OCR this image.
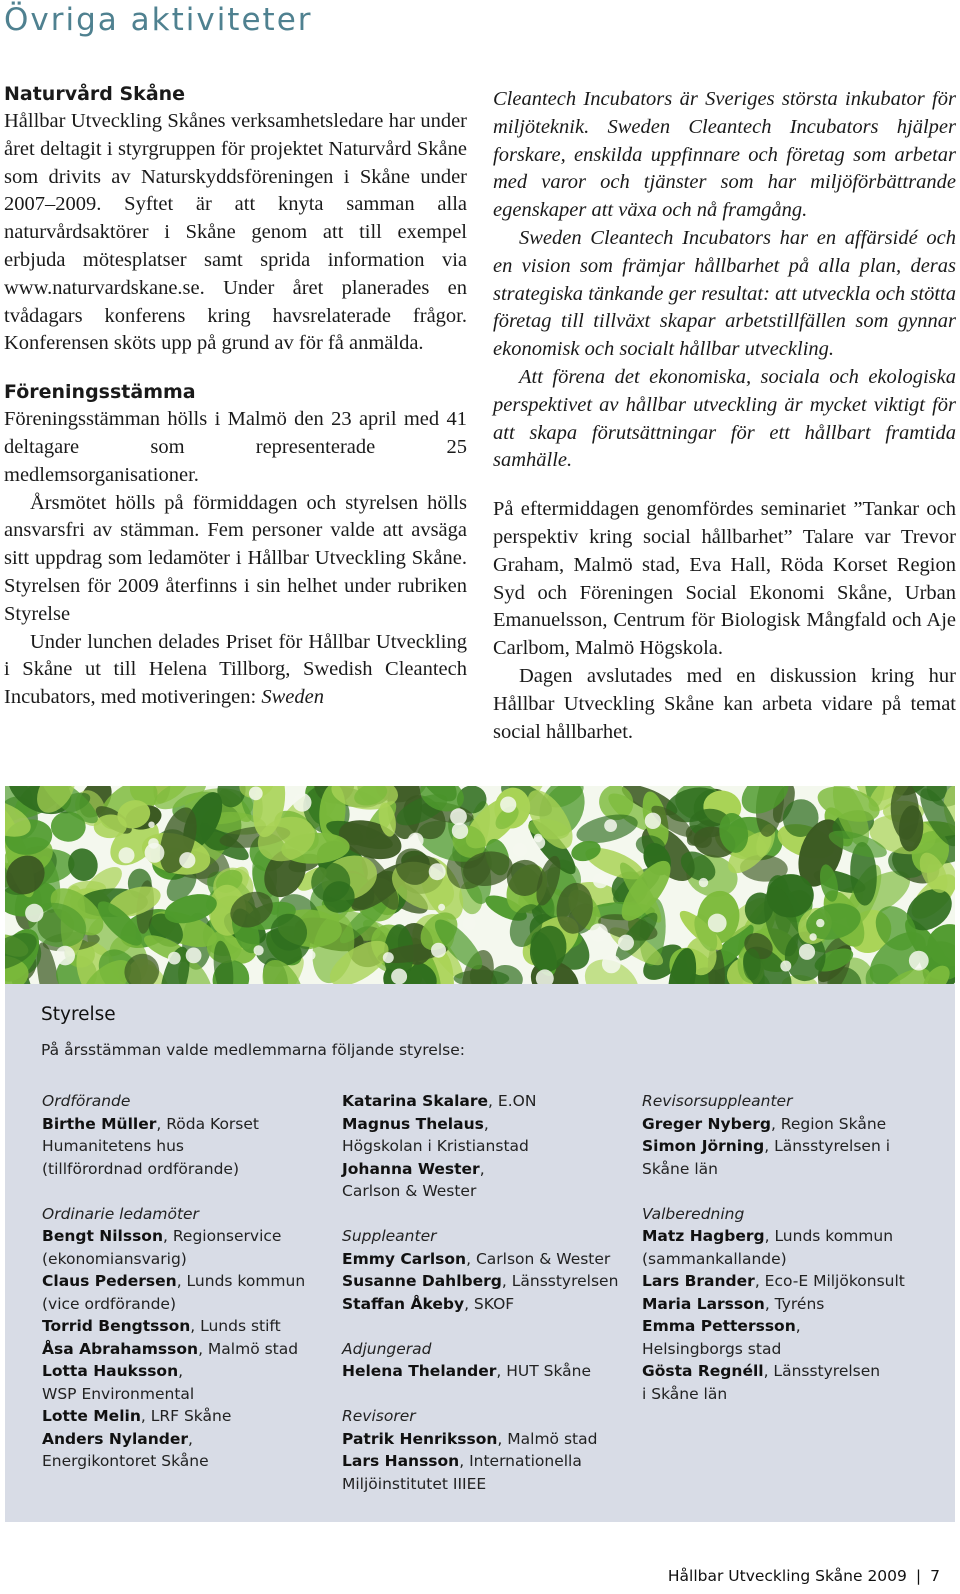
Övriga aktiviteter
Naturvård Skåne

Hållbar Utveckling Skånes verksamhetsledare har under året deltagit i styrgruppen för projektet Naturvård Skåne som drivits av Naturskyddsföreningen i Skåne under 2007–2009. Syftet är att knyta samman alla naturvårdsaktörer i Skåne genom att till exempel erbjuda mötesplatser samt sprida information via www.naturvardskane.se. Under året planerades en tvådagars konferens kring havsrelaterade frågor. Konferensen sköts upp på grund av för få anmälda.

Föreningsstämma

Föreningsstämman hölls i Malmö den 23 april med 41 deltagare som representerade 25 medlemsorganisationer.

Årsmötet hölls på förmiddagen och styrelsen hölls ansvarsfri av stämman. Fem personer valde att avsäga sitt uppdrag som ledamöter i Hållbar Utveckling Skåne. Styrelsen för 2009 återfinns i sin helhet under rubriken Styrelse

Under lunchen delades Priset för Hållbar Utveckling i Skåne ut till Helena Tillborg, Swedish Cleantech Incubators, med motiveringen: Sweden

Cleantech Incubators är Sveriges största inkubator för miljöteknik. Sweden Cleantech Incubators hjälper forskare, enskilda uppfinnare och företag som arbetar med varor och tjänster som har miljöförbättrande egenskaper att växa och nå framgång.

Sweden Cleantech Incubators har en affärsidé och en vision som främjar hållbarhet på alla plan, deras strategiska tänkande ger resultat: att utveckla och stötta företag till tillväxt skapar arbetstillfällen som gynnar ekonomisk och socialt hållbar utveckling.

Att förena det ekonomiska, sociala och ekologiska perspektivet av hållbar utveckling är mycket viktigt för att skapa förutsättningar för ett hållbart framtida samhälle.

På eftermiddagen genomfördes seminariet ”Tankar och perspektiv kring social hållbarhet” Talare var Trevor Graham, Malmö stad, Eva Hall, Röda Korset Region Syd och Föreningen Social Ekonomi Skåne, Urban Emanuelsson, Centrum för Biologisk Mångfald och Aje Carlbom, Malmö Högskola.

Dagen avslutades med en diskussion kring hur Hållbar Utveckling Skåne kan arbeta vidare på temat social hållbarhet.

Styrelse

På årsstämman valde medlemmarna följande styrelse:

Ordförande
Birthe Müller, Röda Korset
Humanitetens hus
(tillförordnad ordförande)
Ordinarie ledamöter
Bengt Nilsson, Regionservice
(ekonomiansvarig)
Claus Pedersen, Lunds kommun
(vice ordförande)
Torrid Bengtsson, Lunds stift
Åsa Abrahamsson, Malmö stad
Lotta Hauksson,
WSP Environmental
Lotte Melin, LRF Skåne
Anders Nylander,
Energikontoret Skåne
Katarina Skalare, E.ON
Magnus Thelaus,
Högskolan i Kristianstad
Johanna Wester,
Carlson & Wester
Suppleanter
Emmy Carlson, Carlson & Wester
Susanne Dahlberg, Länsstyrelsen
Staffan Åkeby, SKOF
Adjungerad
Helena Thelander, HUT Skåne
Revisorer
Patrik Henriksson, Malmö stad
Lars Hansson, Internationella
Miljöinstitutet IIIEE
Revisorsuppleanter
Greger Nyberg, Region Skåne
Simon Jörning, Länsstyrelsen i
Skåne län
Valberedning
Matz Hagberg, Lunds kommun
(sammankallande)
Lars Brander, Eco-E Miljökonsult
Maria Larsson, Tyréns
Emma Pettersson,
Helsingborgs stad
Gösta Regnéll, Länsstyrelsen
i Skåne län
Hållbar Utveckling Skåne 2009 | 7
